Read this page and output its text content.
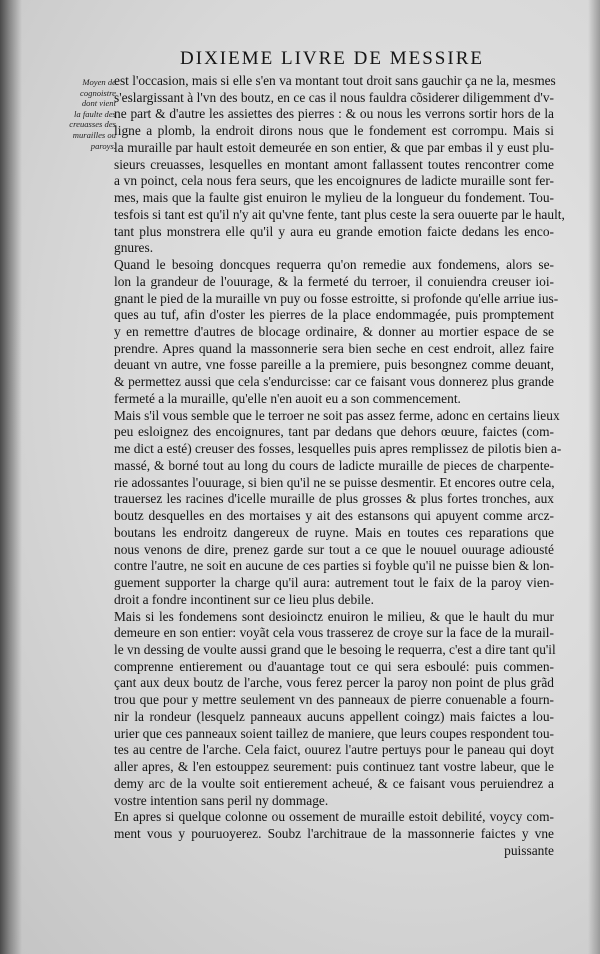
DIXIEME LIVRE DE MESSIRE
Moyen de
cognoistre
dont vient
la faulte des
creuasses des
murailles ou
paroys.
est l'occasion, mais si elle s'en va montant tout droit sans gauchir ça ne la, mesmes
s'eslargissant à l'vn des boutz, en ce cas il nous fauldra cõsiderer diligemment d'v-
ne part & d'autre les assiettes des pierres : & ou nous les verrons sortir hors de la
ligne a plomb, la endroit dirons nous que le fondement est corrompu. Mais si
la muraille par hault estoit demeurée en son entier, & que par embas il y eust plu-
sieurs creuasses, lesquelles en montant amont fallassent toutes rencontrer come
a vn poinct, cela nous fera seurs, que les encoignures de ladicte muraille sont fer-
mes, mais que la faulte gist enuiron le mylieu de la longueur du fondement. Tou-
tesfois si tant est qu'il n'y ait qu'vne fente, tant plus ceste la sera ouuerte par le hault,
tant plus monstrera elle qu'il y aura eu grande emotion faicte dedans les enco-
gnures.
Quand le besoing doncques requerra qu'on remedie aux fondemens, alors se-
lon la grandeur de l'ouurage, & la fermeté du terroer, il conuiendra creuser ioi-
gnant le pied de la muraille vn puy ou fosse estroitte, si profonde qu'elle arriue ius-
ques au tuf, afin d'oster les pierres de la place endommagée, puis promptement
y en remettre d'autres de blocage ordinaire, & donner au mortier espace de se
prendre. Apres quand la massonnerie sera bien seche en cest endroit, allez faire
deuant vn autre, vne fosse pareille a la premiere, puis besongnez comme deuant,
& permettez aussi que cela s'endurcisse: car ce faisant vous donnerez plus grande
fermeté a la muraille, qu'elle n'en auoit eu a son commencement.
Mais s'il vous semble que le terroer ne soit pas assez ferme, adonc en certains lieux
peu esloignez des encoignures, tant par dedans que dehors œuure, faictes (com-
me dict a esté) creuser des fosses, lesquelles puis apres remplissez de pilotis bien a-
massé, & borné tout au long du cours de ladicte muraille de pieces de charpente-
rie adossantes l'ouurage, si bien qu'il ne se puisse desmentir. Et encores outre cela,
trauersez les racines d'icelle muraille de plus grosses & plus fortes tronches, aux
boutz desquelles en des mortaises y ait des estansons qui apuyent comme arcz-
boutans les endroitz dangereux de ruyne. Mais en toutes ces reparations que
nous venons de dire, prenez garde sur tout a ce que le nouuel ouurage adiousté
contre l'autre, ne soit en aucune de ces parties si foyble qu'il ne puisse bien & lon-
guement supporter la charge qu'il aura: autrement tout le faix de la paroy vien-
droit a fondre incontinent sur ce lieu plus debile.
Mais si les fondemens sont desioinctz enuiron le milieu, & que le hault du mur
demeure en son entier: voyãt cela vous trasserez de croye sur la face de la murail-
le vn dessing de voulte aussi grand que le besoing le requerra, c'est a dire tant qu'il
comprenne entierement ou d'auantage tout ce qui sera esboulé: puis commen-
çant aux deux boutz de l'arche, vous ferez percer la paroy non point de plus grãd
trou que pour y mettre seulement vn des panneaux de pierre conuenable a fourn-
nir la rondeur (lesquelz panneaux aucuns appellent coingz) mais faictes a lou-
urier que ces panneaux soient taillez de maniere, que leurs coupes respondent tou-
tes au centre de l'arche. Cela faict, ouurez l'autre pertuys pour le paneau qui doyt
aller apres, & l'en estouppez seurement: puis continuez tant vostre labeur, que le
demy arc de la voulte soit entierement acheué, & ce faisant vous peruiendrez a
vostre intention sans peril ny dommage.
En apres si quelque colonne ou ossement de muraille estoit debilité, voycy com-
ment vous y pouruoyerez. Soubz l'architraue de la massonnerie faictes y vne
puissante
